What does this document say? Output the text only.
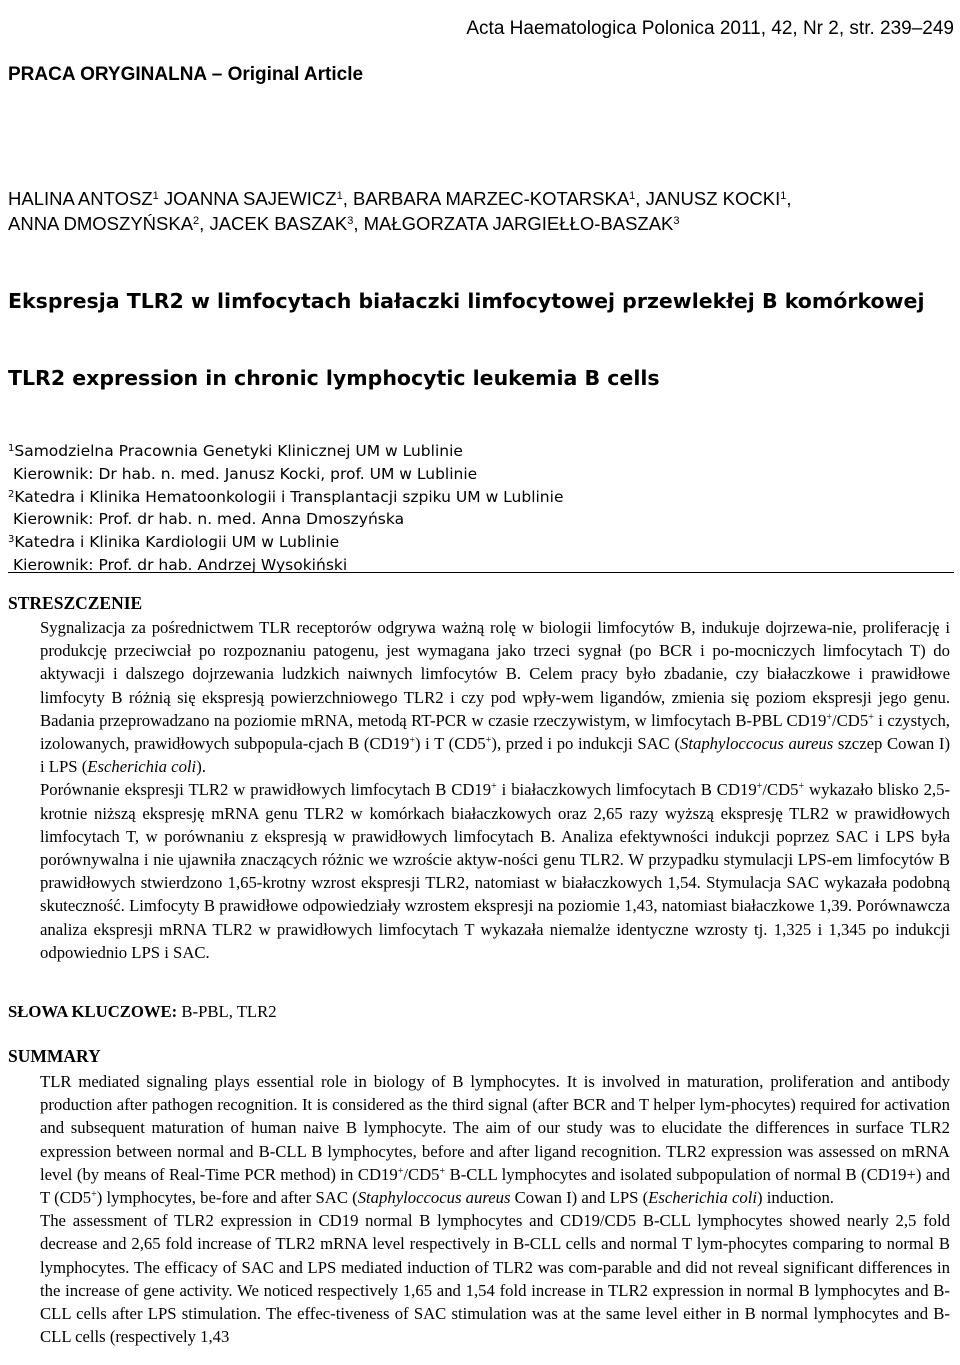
Acta Haematologica Polonica 2011, 42, Nr 2, str. 239–249
PRACA ORYGINALNA – Original Article
HALINA ANTOSZ$^1$ JOANNA SAJEWICZ$^1$, BARBARA MARZEC-KOTARSKA$^1$, JANUSZ KOCKI$^1$,
ANNA DMOSZYŃSKA$^2$, JACEK BASZAK$^3$, MAŁGORZATA JARGIEŁŁO-BASZAK$^3$
Ekspresja TLR2 w limfocytach białaczki limfocytowej przewlekłej B komórkowej
TLR2 expression in chronic lymphocytic leukemia B cells
$^1$Samodzielna Pracownia Genetyki Klinicznej UM w Lublinie
Kierownik: Dr hab. n. med. Janusz Kocki, prof. UM w Lublinie
$^2$Katedra i Klinika Hematoonkologii i Transplantacji szpiku UM w Lublinie
Kierownik: Prof. dr hab. n. med. Anna Dmoszyńska
$^3$Katedra i Klinika Kardiologii UM w Lublinie
Kierownik: Prof. dr hab. Andrzej Wysokiński
STRESZCZENIE

Sygnalizacja za pośrednictwem TLR receptorów odgrywa ważną rolę w biologii limfocytów B, indukuje dojrzewa-nie, proliferację i produkcję przeciwciał po rozpoznaniu patogenu, jest wymagana jako trzeci sygnał (po BCR i po-mocniczych limfocytach T) do aktywacji i dalszego dojrzewania ludzkich naiwnych limfocytów B. Celem pracy było zbadanie, czy białaczkowe i prawidłowe limfocyty B różnią się ekspresją powierzchniowego TLR2 i czy pod wpły-wem ligandów, zmienia się poziom ekspresji jego genu. Badania przeprowadzano na poziomie mRNA, metodą RT-PCR w czasie rzeczywistym, w limfocytach B-PBL CD19+/CD5+ i czystych, izolowanych, prawidłowych subpopula-cjach B (CD19+) i T (CD5+), przed i po indukcji SAC (Staphyloccocus aureus szczep Cowan I) i LPS (Escherichia coli).

Porównanie ekspresji TLR2 w prawidłowych limfocytach B CD19+ i białaczkowych limfocytach B CD19+/CD5+ wykazało blisko 2,5-krotnie niższą ekspresję mRNA genu TLR2 w komórkach białaczkowych oraz 2,65 razy wyższą ekspresję TLR2 w prawidłowych limfocytach T, w porównaniu z ekspresją w prawidłowych limfocytach B. Analiza efektywności indukcji poprzez SAC i LPS była porównywalna i nie ujawniła znaczących różnic we wzroście aktyw-ności genu TLR2. W przypadku stymulacji LPS-em limfocytów B prawidłowych stwierdzono 1,65-krotny wzrost ekspresji TLR2, natomiast w białaczkowych 1,54. Stymulacja SAC wykazała podobną skuteczność. Limfocyty B prawidłowe odpowiedziały wzrostem ekspresji na poziomie 1,43, natomiast białaczkowe 1,39. Porównawcza analiza ekspresji mRNA TLR2 w prawidłowych limfocytach T wykazała niemalże identyczne wzrosty tj. 1,325 i 1,345 po indukcji odpowiednio LPS i SAC.

SŁOWA KLUCZOWE: B-PBL, TLR2
SUMMARY

TLR mediated signaling plays essential role in biology of B lymphocytes. It is involved in maturation, proliferation and antibody production after pathogen recognition. It is considered as the third signal (after BCR and T helper lym-phocytes) required for activation and subsequent maturation of human naive B lymphocyte. The aim of our study was to elucidate the differences in surface TLR2 expression between normal and B-CLL B lymphocytes, before and after ligand recognition. TLR2 expression was assessed on mRNA level (by means of Real-Time PCR method) in CD19+/CD5+ B-CLL lymphocytes and isolated subpopulation of normal B (CD19+) and T (CD5+) lymphocytes, be-fore and after SAC (Staphyloccocus aureus Cowan I) and LPS (Escherichia coli) induction.

The assessment of TLR2 expression in CD19 normal B lymphocytes and CD19/CD5 B-CLL lymphocytes showed nearly 2,5 fold decrease and 2,65 fold increase of TLR2 mRNA level respectively in B-CLL cells and normal T lym-phocytes comparing to normal B lymphocytes. The efficacy of SAC and LPS mediated induction of TLR2 was com-parable and did not reveal significant differences in the increase of gene activity. We noticed respectively 1,65 and 1,54 fold increase in TLR2 expression in normal B lymphocytes and B-CLL cells after LPS stimulation. The effec-tiveness of SAC stimulation was at the same level either in B normal lymphocytes and B-CLL cells (respectively 1,43
